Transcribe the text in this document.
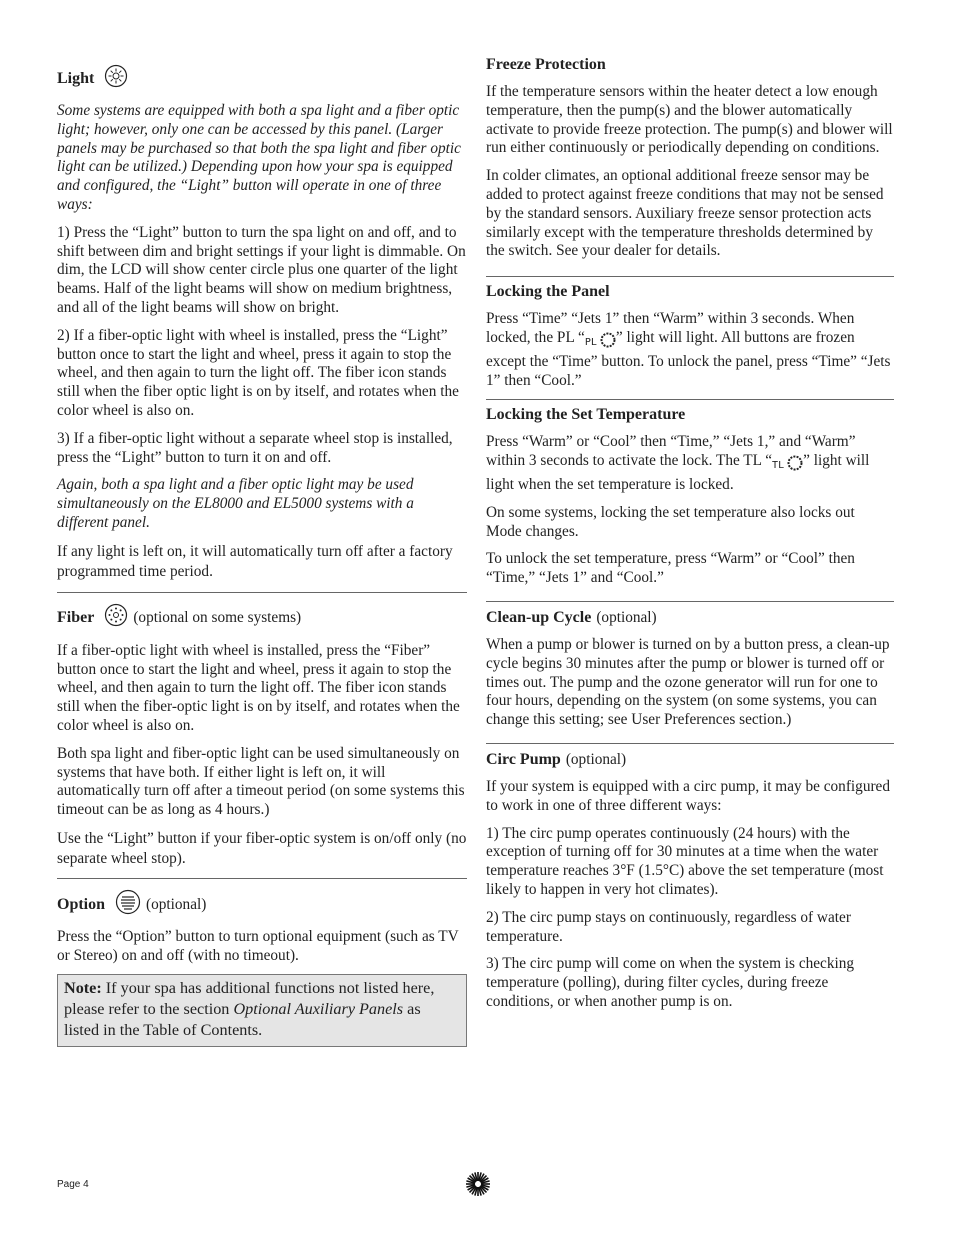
Light

Some systems are equipped with both a spa light and a fiber optic light; however, only one can be accessed by this panel. (Larger panels may be purchased so that both the spa light and fiber optic light can be utilized.) Depending upon how your spa is equipped and configured, the “Light” button will operate in one of three ways:

1) Press the “Light” button to turn the spa light on and off, and to shift between dim and bright settings if your light is dimmable. On dim, the LCD will show center circle plus one quarter of the light beams. Half of the light beams will show on medium brightness, and all of the light beams will show on bright.

2) If a fiber-optic light with wheel is installed, press the “Light” button once to start the light and wheel, press it again to stop the wheel, and then again to turn the light off. The fiber icon stands still when the fiber optic light is on by itself, and rotates when the color wheel is also on.

3) If a fiber-optic light without a separate wheel stop is installed, press the “Light” button to turn it on and off.

Again, both a spa light and a fiber optic light may be used simultaneously on the EL8000 and EL5000 systems with a different panel.

If any light is left on, it will automatically turn off after a factory programmed time period.

Fiber	(optional on some systems)

If a fiber-optic light with wheel is installed, press the “Fiber” button once to start the light and wheel, press it again to stop the wheel, and then again to turn the light off. The fiber icon stands still when the fiber-optic light is on by itself, and rotates when the color wheel is also on.

Both spa light and fiber-optic light can be used simultaneously on systems that have both. If either light is left on, it will automatically turn off after a timeout period (on some systems this timeout can be as long as 4 hours.)

Use the “Light” button if your fiber-optic system is on/off only (no separate wheel stop).

Option	(optional)

Press the “Option” button to turn optional equipment (such as TV or Stereo) on and off (with no timeout).

Note: If your spa has additional functions not listed here, please refer to the section Optional Auxiliary Panels as listed in the Table of Contents.
Freeze Protection

If the temperature sensors within the heater detect a low enough temperature, then the pump(s) and the blower automatically activate to provide freeze protection. The pump(s) and blower will run either continuously or periodically depending on conditions.

In colder climates, an optional additional freeze sensor may be added to protect against freeze conditions that may not be sensed by the standard sensors. Auxiliary freeze sensor protection acts similarly except with the temperature thresholds determined by the switch. See your dealer for details.

Locking the Panel

Press “Time” “Jets 1” then “Warm” within 3 seconds. When locked, the PL “PL ” light will light. All buttons are frozen except the “Time” button. To unlock the panel, press “Time” “Jets 1” then “Cool.”

Locking the Set Temperature

Press “Warm” or “Cool” then “Time,” “Jets 1,” and “Warm” within 3 seconds to activate the lock. The TL “TL ” light will light when the set temperature is locked.

On some systems, locking the set temperature also locks out Mode changes.

To unlock the set temperature, press “Warm” or “Cool” then “Time,” “Jets 1” and “Cool.”

Clean-up Cycle (optional)

When a pump or blower is turned on by a button press, a clean-up cycle begins 30 minutes after the pump or blower is turned off or times out. The pump and the ozone generator will run for one to four hours, depending on the system (on some systems, you can change this setting; see User Preferences section.)

Circ Pump (optional)

If your system is equipped with a circ pump, it may be configured to work in one of three different ways:

1) The circ pump operates continuously (24 hours) with the exception of turning off for 30 minutes at a time when the water temperature reaches 3°F (1.5°C) above the set temperature (most likely to happen in very hot climates).

2) The circ pump stays on continuously, regardless of water temperature.

3) The circ pump will come on when the system is checking temperature (polling), during filter cycles, during freeze conditions, or when another pump is on.

Page 4
